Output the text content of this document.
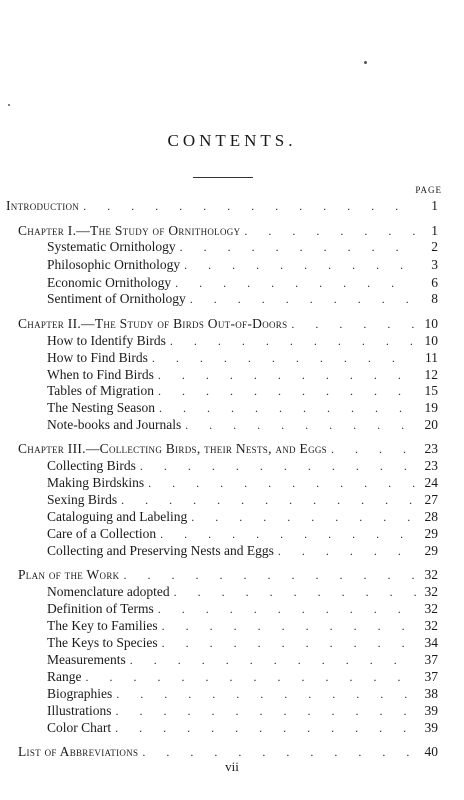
CONTENTS.
PAGE
Introduction . . .	1
Chapter I.—The Study of Ornithology . . .	1
Systematic Ornithology . . .	2
Philosophic Ornithology . . .	3
Economic Ornithology . . .	6
Sentiment of Ornithology . . .	8
Chapter II.—The Study of Birds Out-of-Doors . . .	10
How to Identify Birds . . .	10
How to Find Birds . . .	11
When to Find Birds . . .	12
Tables of Migration . . .	15
The Nesting Season . . .	19
Note-books and Journals . . .	20
Chapter III.—Collecting Birds, their Nests, and Eggs . . .	23
Collecting Birds . . .	23
Making Birdskins . . .	24
Sexing Birds . . .	27
Cataloguing and Labeling . . .	28
Care of a Collection . . .	29
Collecting and Preserving Nests and Eggs . . .	29
Plan of the Work . . .	32
Nomenclature adopted . . .	32
Definition of Terms . . .	32
The Key to Families . . .	32
The Keys to Species . . .	34
Measurements . . .	37
Range . . .	37
Biographies . . .	38
Illustrations . . .	39
Color Chart . . .	39
List of Abbreviations . . .	40
vii
